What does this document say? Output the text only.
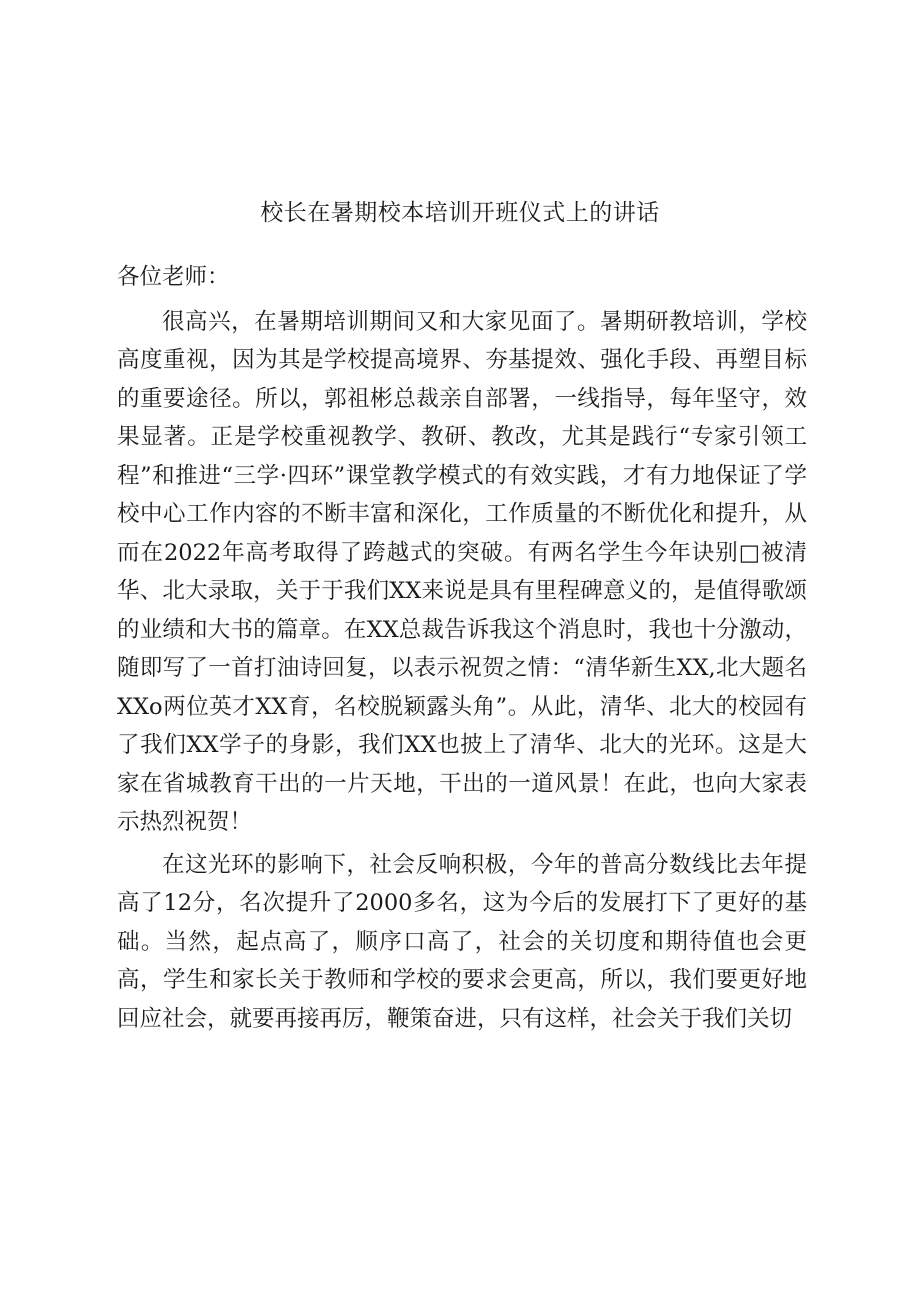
校长在暑期校本培训开班仪式上的讲话

各位老师：

很高兴，在暑期培训期间又和大家见面了。暑期研教培训，学校高度重视，因为其是学校提高境界、夯基提效、强化手段、再塑目标的重要途径。所以，郭祖彬总裁亲自部署，一线指导，每年坚守，效果显著。正是学校重视教学、教研、教改，尤其是践行“专家引领工程”和推进“三学·四环”课堂教学模式的有效实践，才有力地保证了学校中心工作内容的不断丰富和深化，工作质量的不断优化和提升，从而在2022年高考取得了跨越式的突破。有两名学生今年诀别□被清华、北大录取，关于于我们XX来说是具有里程碑意义的，是值得歌颂的业绩和大书的篇章。在XX总裁告诉我这个消息时，我也十分激动，随即写了一首打油诗回复，以表示祝贺之情：“清华新生XX,北大题名XXo两位英才XX育，名校脱颖露头角”。从此，清华、北大的校园有了我们XX学子的身影，我们XX也披上了清华、北大的光环。这是大家在省城教育干出的一片天地，干出的一道风景！在此，也向大家表示热烈祝贺！

在这光环的影响下，社会反响积极，今年的普高分数线比去年提高了12分，名次提升了2000多名，这为今后的发展打下了更好的基础。当然，起点高了，顺序口高了，社会的关切度和期待值也会更高，学生和家长关于教师和学校的要求会更高，所以，我们要更好地回应社会，就要再接再厉，鞭策奋进，只有这样，社会关于我们关切
